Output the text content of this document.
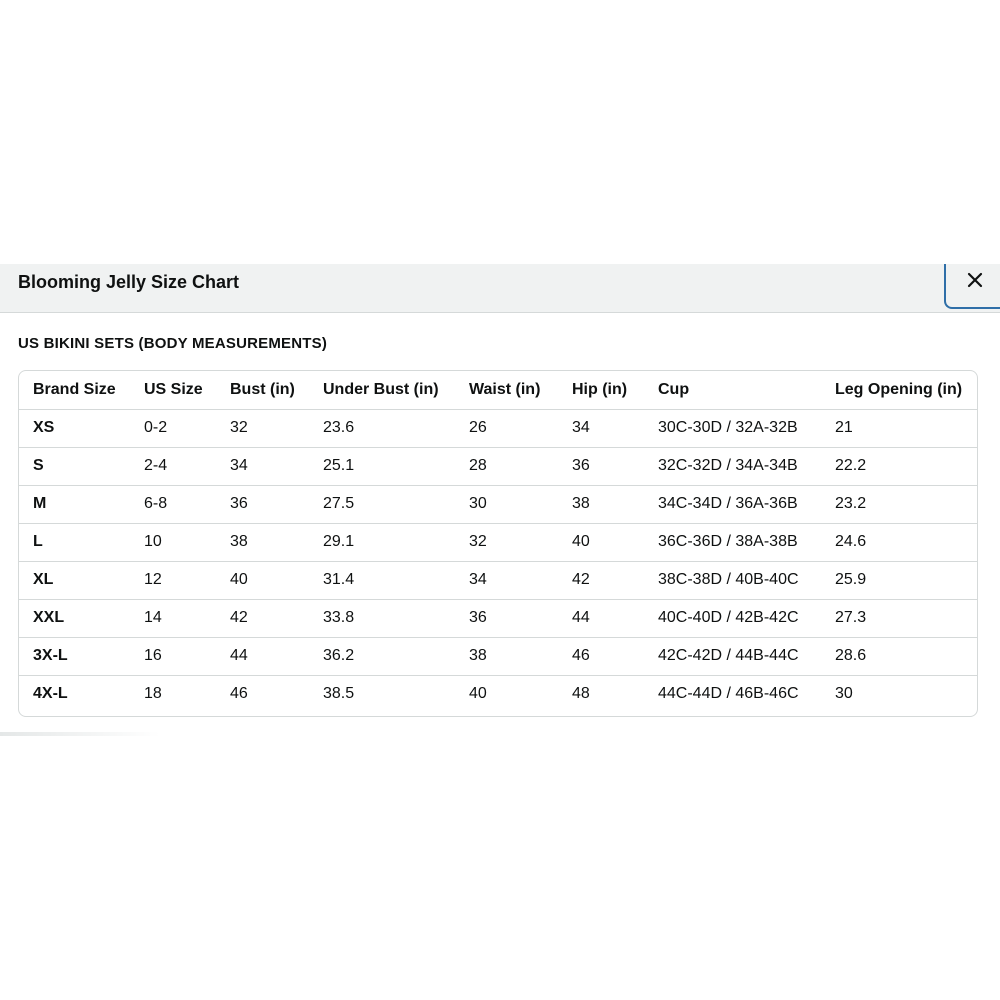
Blooming Jelly Size Chart
US BIKINI SETS (BODY MEASUREMENTS)
Brand Size	US Size	Bust (in)	Under Bust (in)	Waist (in)	Hip (in)	Cup	Leg Opening (in)
XS	0-2	32	23.6	26	34	30C-30D / 32A-32B	21
S	2-4	34	25.1	28	36	32C-32D / 34A-34B	22.2
M	6-8	36	27.5	30	38	34C-34D / 36A-36B	23.2
L	10	38	29.1	32	40	36C-36D / 38A-38B	24.6
XL	12	40	31.4	34	42	38C-38D / 40B-40C	25.9
XXL	14	42	33.8	36	44	40C-40D / 42B-42C	27.3
3X-L	16	44	36.2	38	46	42C-42D / 44B-44C	28.6
4X-L	18	46	38.5	40	48	44C-44D / 46B-46C	30
